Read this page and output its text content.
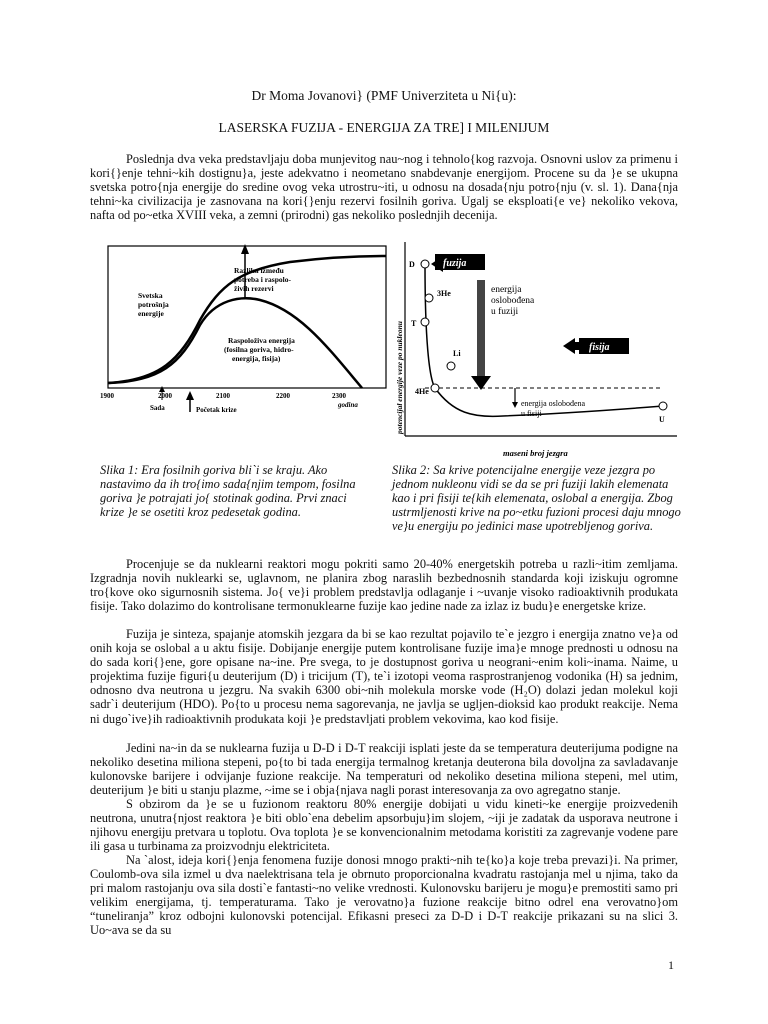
Dr Moma Jovanovi} (PMF Univerziteta u Ni{u):
LASERSKA FUZIJA - ENERGIJA ZA TRE] I MILENIJUM

Poslednja dva veka predstavljaju doba munjevitog nau~nog i tehnolo{kog razvoja. Osnovni uslov za primenu i kori{}enje tehni~kih dostignu}a, jeste adekvatno i neometano snabdevanje energijom. Procene su da }e se ukupna svetska potro{nja energije do sredine ovog veka utrostru~iti, u odnosu na dosada{nju potro{nju (v. sl. 1). Dana{nja tehni~ka civilizacija je zasnovana na kori{}enju rezervi fosilnih goriva. Ugalj se eksploati{e ve} nekoliko vekova, nafta od po~etka XVIII veka, a zemni (prirodni) gas nekoliko poslednjih decenija.

Razlika između potreba i raspolo- živih rezervi
Svetska potrošnja energije
Raspoloživa energija (fosilna goriva, hidro- energija, fisija)
1900	2000	2100	2200	2300
Sada	Početak krize
godina	potencijal energije veze po nukleonu
maseni broj jezgra
D
3He
T
Li
4He
U
fuzija
energija oslobođena u fuziji
fisija
energija oslobođena u fisiji
Slika 1: Era fosilnih goriva bli`i se kraju. Ako nastavimo da ih tro{imo sada{njim tempom, fosilna goriva }e potrajati jo{ stotinak godina. Prvi znaci krize }e se osetiti kroz pedesetak godina.
Slika 2: Sa krive potencijalne energije veze jezgra po jednom nukleonu vidi se da se pri fuziji lakih elemenata kao i pri fisiji te{kih elemenata, oslobal a energija. Zbog ustrmljenosti krive na po~etku fuzioni procesi daju mnogo ve}u energiju po jedinici mase upotrebljenog goriva.

Procenjuje se da nuklearni reaktori mogu pokriti samo 20-40% energetskih potreba u razli~itim zemljama. Izgradnja novih nuklearki se, uglavnom, ne planira zbog naraslih bezbednosnih standarda koji iziskuju ogromne tro{kove oko sigurnosnih sistema. Jo{ ve}i problem predstavlja odlaganje i ~uvanje visoko radioaktivnih produkata fisije. Tako dolazimo do kontrolisane termonuklearne fuzije kao jedine nade za izlaz iz budu}e energetske krize.

Fuzija je sinteza, spajanje atomskih jezgara da bi se kao rezultat pojavilo te`e jezgro i energija znatno ve}a od onih koja se oslobal a u aktu fisije. Dobijanje energije putem kontrolisane fuzije ima}e mnoge prednosti u odnosu na do sada kori{}ene, gore opisane na~ine. Pre svega, to je dostupnost goriva u neograni~enim koli~inama. Naime, u projektima fuzije figuri{u deuterijum (D) i tricijum (T), te`i izotopi veoma rasprostranjenog vodonika (H) sa jednim, odnosno dva neutrona u jezgru. Na svakih 6300 obi~nih molekula morske vode (H₂O) dolazi jedan molekul koji sadr`i deuterijum (HDO). Po{to u procesu nema sagorevanja, ne javlja se ugljen-dioksid kao produkt reakcije. Nema ni dugo`ive}ih radioaktivnih produkata koji }e predstavljati problem vekovima, kao kod fisije.

Jedini na~in da se nuklearna fuzija u D-D i D-T reakciji isplati jeste da se temperatura deuterijuma podigne na nekoliko desetina miliona stepeni, po{to bi tada energija termalnog kretanja deuterona bila dovoljna za savladavanje kulonovske barijere i odvijanje fuzione reakcije. Na temperaturi od nekoliko desetina miliona stepeni, mel utim, deuterijum }e biti u stanju plazme, ~ime se i obja{njava nagli porast interesovanja za ovo agregatno stanje.

S obzirom da }e se u fuzionom reaktoru 80% energije dobijati u vidu kineti~ke energije proizvedenih neutrona, unutra{njost reaktora }e biti oblo`ena debelim apsorbuju}im slojem, ~iji je zadatak da usporava neutrone i njihovu energiju pretvara u toplotu. Ova toplota }e se konvencionalnim metodama koristiti za zagrevanje vodene pare ili gasa u turbinama za proizvodnju elektriciteta.

Na `alost, ideja kori{}enja fenomena fuzije donosi mnogo prakti~nih te{ko}a koje treba prevazi}i. Na primer, Coulomb-ova sila izmel u dva naelektrisana tela je obrnuto proporcionalna kvadratu rastojanja mel u njima, tako da pri malom rastojanju ova sila dosti`e fantasti~no velike vrednosti. Kulonovsku barijeru je mogu}e premostiti samo pri velikim energijama, tj. temperaturama. Tako je verovatno}a fuzione reakcije bitno odrel ena verovatno}om “tuneliranja” kroz odbojni kulonovski potencijal. Efikasni preseci za D-D i D-T reakcije prikazani su na slici 3. Uo~ava se da su

1
